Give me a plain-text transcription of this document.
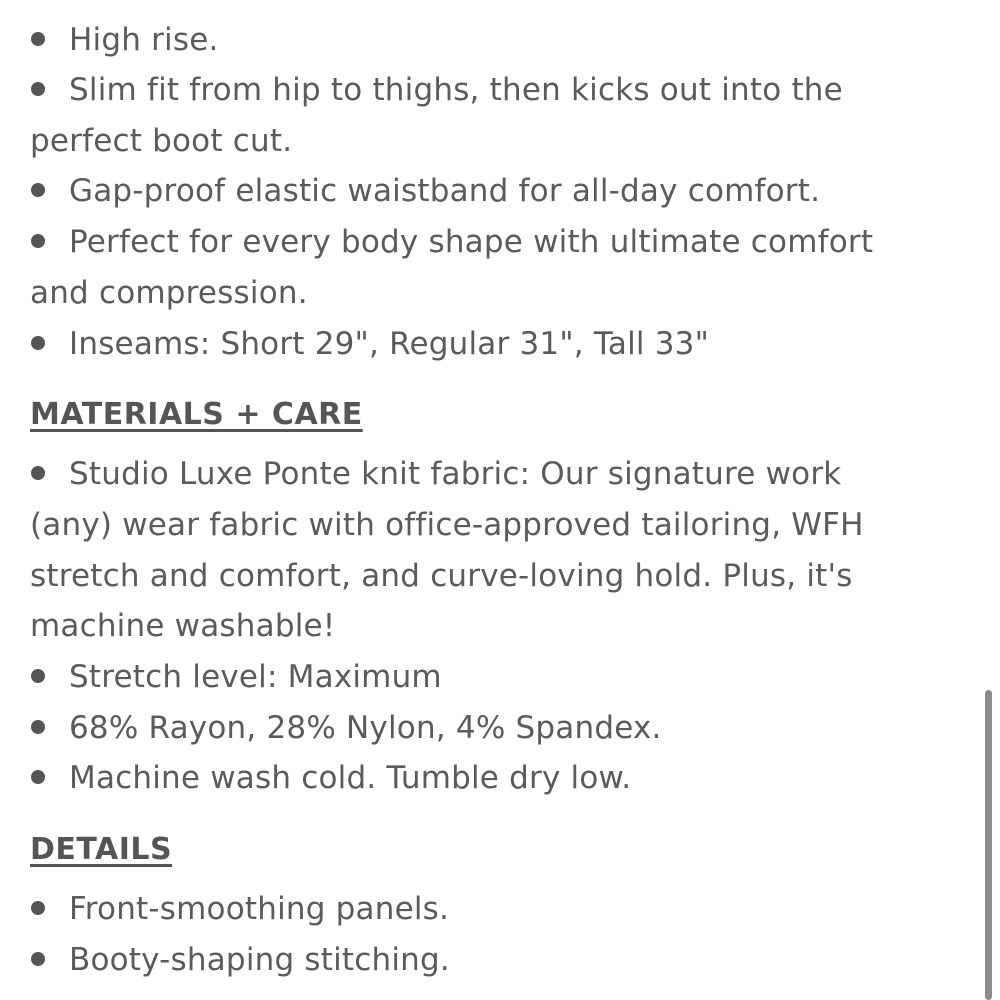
High rise.
Slim fit from hip to thighs, then kicks out into the
perfect boot cut.
Gap-proof elastic waistband for all-day comfort.
Perfect for every body shape with ultimate comfort
and compression.
Inseams: Short 29", Regular 31", Tall 33"
MATERIALS + CARE
Studio Luxe Ponte knit fabric: Our signature work
(any) wear fabric with office-approved tailoring, WFH
stretch and comfort, and curve-loving hold. Plus, it's
machine washable!
Stretch level: Maximum
68% Rayon, 28% Nylon, 4% Spandex.
Machine wash cold. Tumble dry low.
DETAILS
Front-smoothing panels.
Booty-shaping stitching.
